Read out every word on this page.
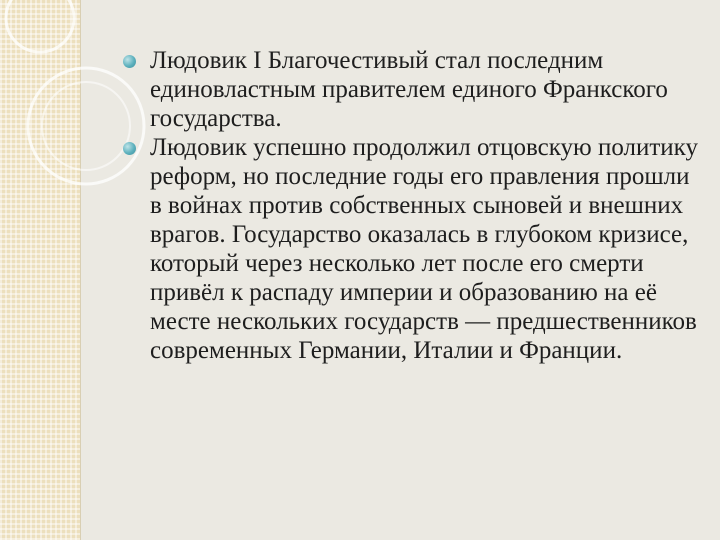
Людовик I Благочестивый стал последним единовластным правителем единого Франкского государства.
Людовик успешно продолжил отцовскую политику реформ, но последние годы его правления прошли в войнах против собственных сыновей и внешних врагов. Государство оказалась в глубоком кризисе, который через несколько лет после его смерти привёл к распаду империи и образованию на её месте нескольких государств — предшественников современных Германии, Италии и Франции.
